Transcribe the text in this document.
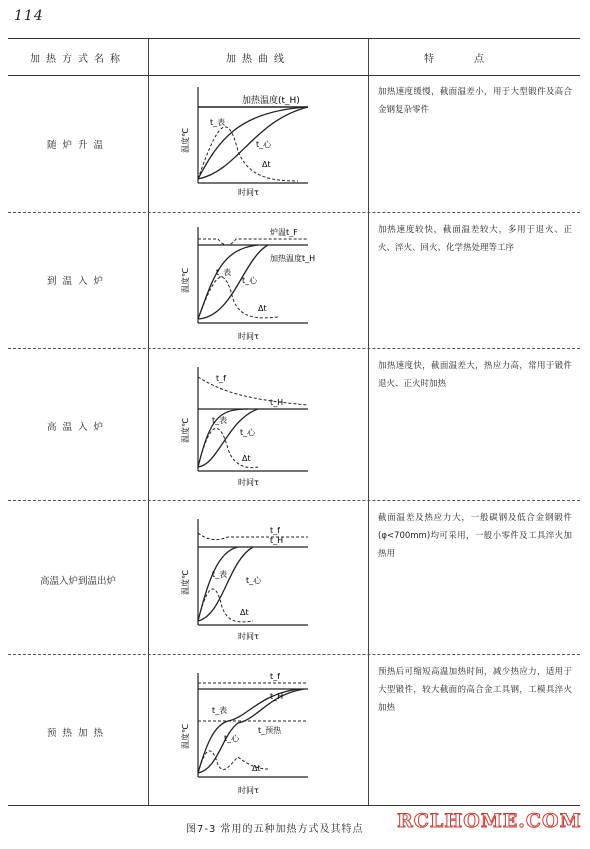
114
加热方式名称	加热曲线	特点
随炉升温
加热温度(t_H)
t_表
t_心
Δt
时间τ
温度℃
加热速度缓慢，截面温差小，用于大型锻件及高合金钢复杂零件
到温入炉
炉温t_F
加热温度t_H
t_表
t_心
Δt
时间τ
温度℃
加热速度较快，截面温差较大，多用于退火、正火、淬火、回火、化学热处理等工序
高温入炉
t_f
t_H
t_表
t_心
Δt
时间τ
温度℃
加热速度快，截面温差大，热应力高，常用于锻件退火、正火时加热
高温入炉到温出炉
t_f
t_H
t_表
t_心
Δt
时间τ
温度℃
截面温差及热应力大，一般碳钢及低合金钢锻件(φ<700mm)均可采用，一般小零件及工具淬火加热用
预热加热
t_f
t_H
t_表
t_预热
t_心
Δt
时间τ
温度℃
预热后可缩短高温加热时间，减少热应力，适用于大型锻件，较大截面的高合金工具钢，工模具淬火加热
图7-3 常用的五种加热方式及其特点 RCLHOME.COM
